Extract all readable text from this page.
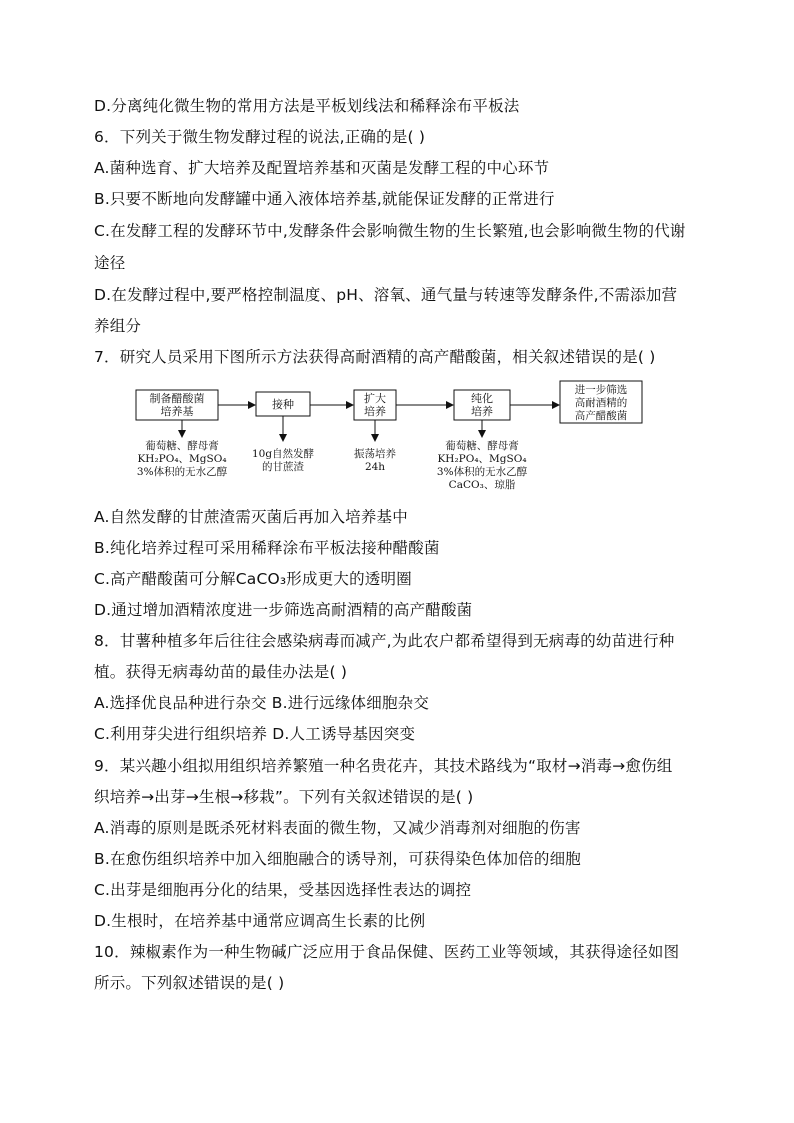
D.分离纯化微生物的常用方法是平板划线法和稀释涂布平板法
6．下列关于微生物发酵过程的说法,正确的是( )
A.菌种选育、扩大培养及配置培养基和灭菌是发酵工程的中心环节
B.只要不断地向发酵罐中通入液体培养基,就能保证发酵的正常进行
C.在发酵工程的发酵环节中,发酵条件会影响微生物的生长繁殖,也会影响微生物的代谢
途径
D.在发酵过程中,要严格控制温度、pH、溶氧、通气量与转速等发酵条件,不需添加营
养组分
7．研究人员采用下图所示方法获得高耐酒精的高产醋酸菌，相关叙述错误的是( )
制备醋酸菌
培养基
接种	扩大
培养
纯化
培养
进一步筛选
高耐酒精的
高产醋酸菌
葡萄糖、酵母膏
KH₂PO₄、MgSO₄
3%体积的无水乙醇
10g自然发酵
的甘蔗渣
振荡培养
24h
葡萄糖、酵母膏
KH₂PO₄、MgSO₄
3%体积的无水乙醇
CaCO₃、琼脂
A.自然发酵的甘蔗渣需灭菌后再加入培养基中
B.纯化培养过程可采用稀释涂布平板法接种醋酸菌
C.高产醋酸菌可分解CaCO₃形成更大的透明圈
D.通过增加酒精浓度进一步筛选高耐酒精的高产醋酸菌
8．甘薯种植多年后往往会感染病毒而减产,为此农户都希望得到无病毒的幼苗进行种
植。获得无病毒幼苗的最佳办法是( )
A.选择优良品种进行杂交 B.进行远缘体细胞杂交
C.利用芽尖进行组织培养 D.人工诱导基因突变
9．某兴趣小组拟用组织培养繁殖一种名贵花卉，其技术路线为“取材→消毒→愈伤组
织培养→出芽→生根→移栽”。下列有关叙述错误的是( )
A.消毒的原则是既杀死材料表面的微生物，又减少消毒剂对细胞的伤害
B.在愈伤组织培养中加入细胞融合的诱导剂，可获得染色体加倍的细胞
C.出芽是细胞再分化的结果，受基因选择性表达的调控
D.生根时，在培养基中通常应调高生长素的比例
10．辣椒素作为一种生物碱广泛应用于食品保健、医药工业等领域，其获得途径如图
所示。下列叙述错误的是( )
